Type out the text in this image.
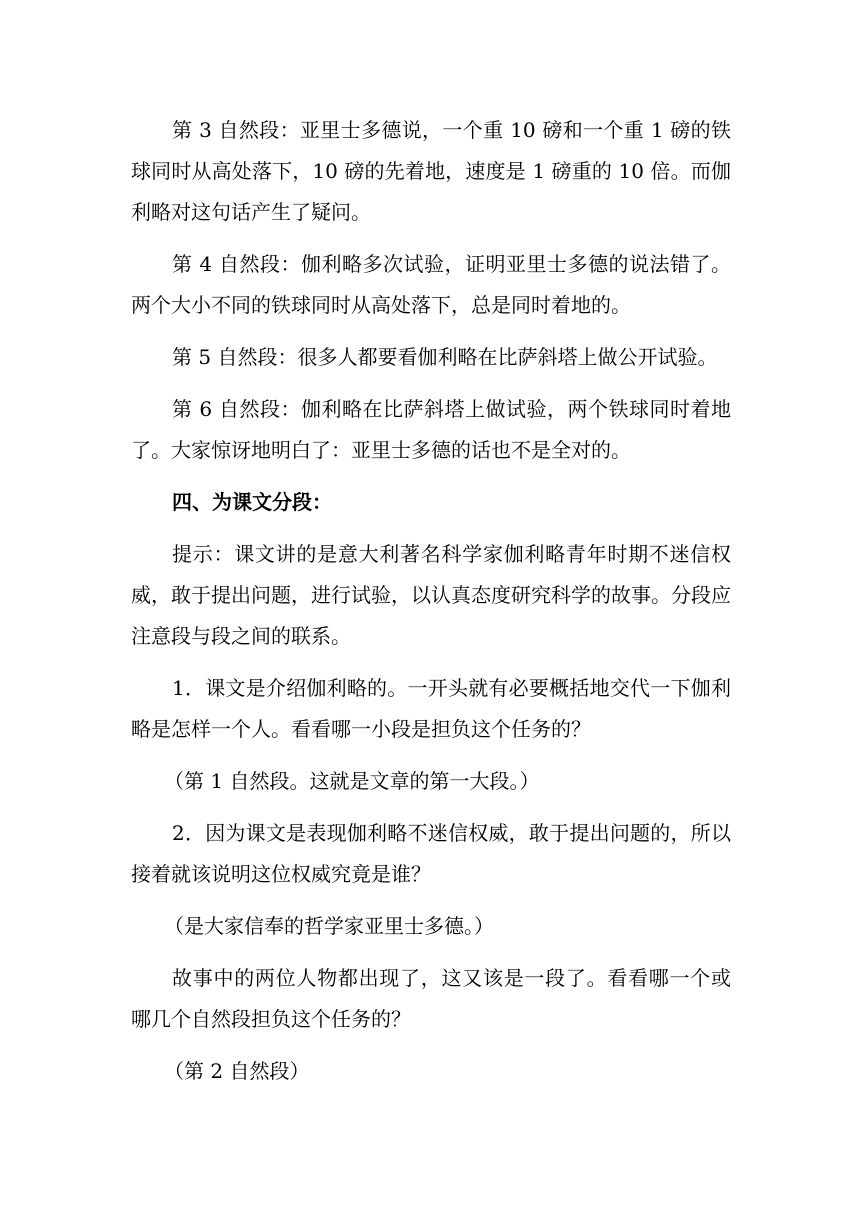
第 3 自然段：亚里士多德说，一个重 10 磅和一个重 1 磅的铁球同时从高处落下，10 磅的先着地，速度是 1 磅重的 10 倍。而伽利略对这句话产生了疑问。

第 4 自然段：伽利略多次试验，证明亚里士多德的说法错了。两个大小不同的铁球同时从高处落下，总是同时着地的。

第 5 自然段：很多人都要看伽利略在比萨斜塔上做公开试验。

第 6 自然段：伽利略在比萨斜塔上做试验，两个铁球同时着地了。大家惊讶地明白了：亚里士多德的话也不是全对的。

四、为课文分段：

提示：课文讲的是意大利著名科学家伽利略青年时期不迷信权威，敢于提出问题，进行试验，以认真态度研究科学的故事。分段应注意段与段之间的联系。

1．课文是介绍伽利略的。一开头就有必要概括地交代一下伽利略是怎样一个人。看看哪一小段是担负这个任务的？

（第 1 自然段。这就是文章的第一大段。）

2．因为课文是表现伽利略不迷信权威，敢于提出问题的，所以接着就该说明这位权威究竟是谁？

（是大家信奉的哲学家亚里士多德。）

故事中的两位人物都出现了，这又该是一段了。看看哪一个或哪几个自然段担负这个任务的？

（第 2 自然段）
